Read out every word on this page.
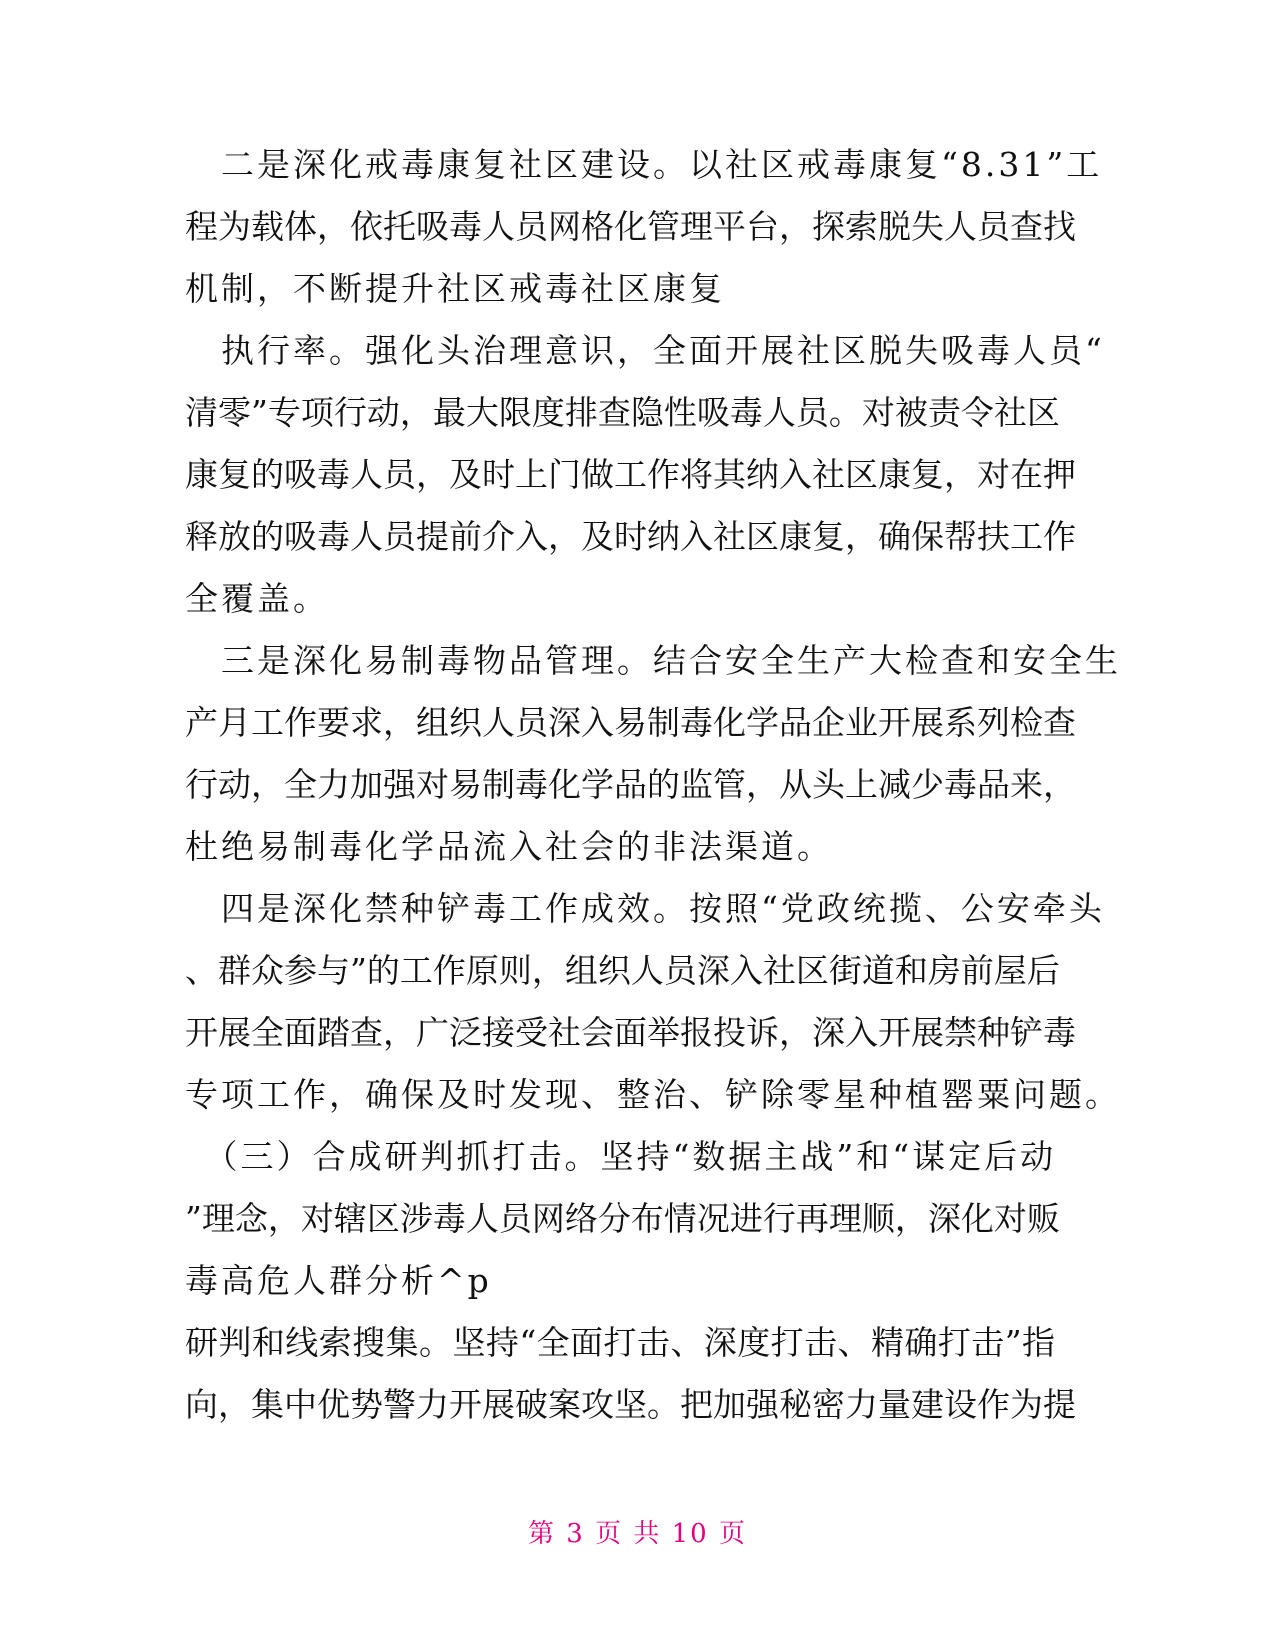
　二是深化戒毒康复社区建设。以社区戒毒康复“8.31”工
程为载体，依托吸毒人员网格化管理平台，探索脱失人员查找
机制，不断提升社区戒毒社区康复
　执行率。强化头治理意识，全面开展社区脱失吸毒人员“
清零”专项行动，最大限度排查隐性吸毒人员。对被责令社区
康复的吸毒人员，及时上门做工作将其纳入社区康复，对在押
释放的吸毒人员提前介入，及时纳入社区康复，确保帮扶工作
全覆盖。
　三是深化易制毒物品管理。结合安全生产大检查和安全生
产月工作要求，组织人员深入易制毒化学品企业开展系列检查
行动，全力加强对易制毒化学品的监管，从头上减少毒品来，
杜绝易制毒化学品流入社会的非法渠道。
　四是深化禁种铲毒工作成效。按照“党政统揽、公安牵头
、群众参与”的工作原则，组织人员深入社区街道和房前屋后
开展全面踏查，广泛接受社会面举报投诉，深入开展禁种铲毒
专项工作，确保及时发现、整治、铲除零星种植罂粟问题。
　（三）合成研判抓打击。坚持“数据主战”和“谋定后动
”理念，对辖区涉毒人员网络分布情况进行再理顺，深化对贩
毒高危人群分析^p
研判和线索搜集。坚持“全面打击、深度打击、精确打击”指
向，集中优势警力开展破案攻坚。把加强秘密力量建设作为提
第 3 页 共 10 页
